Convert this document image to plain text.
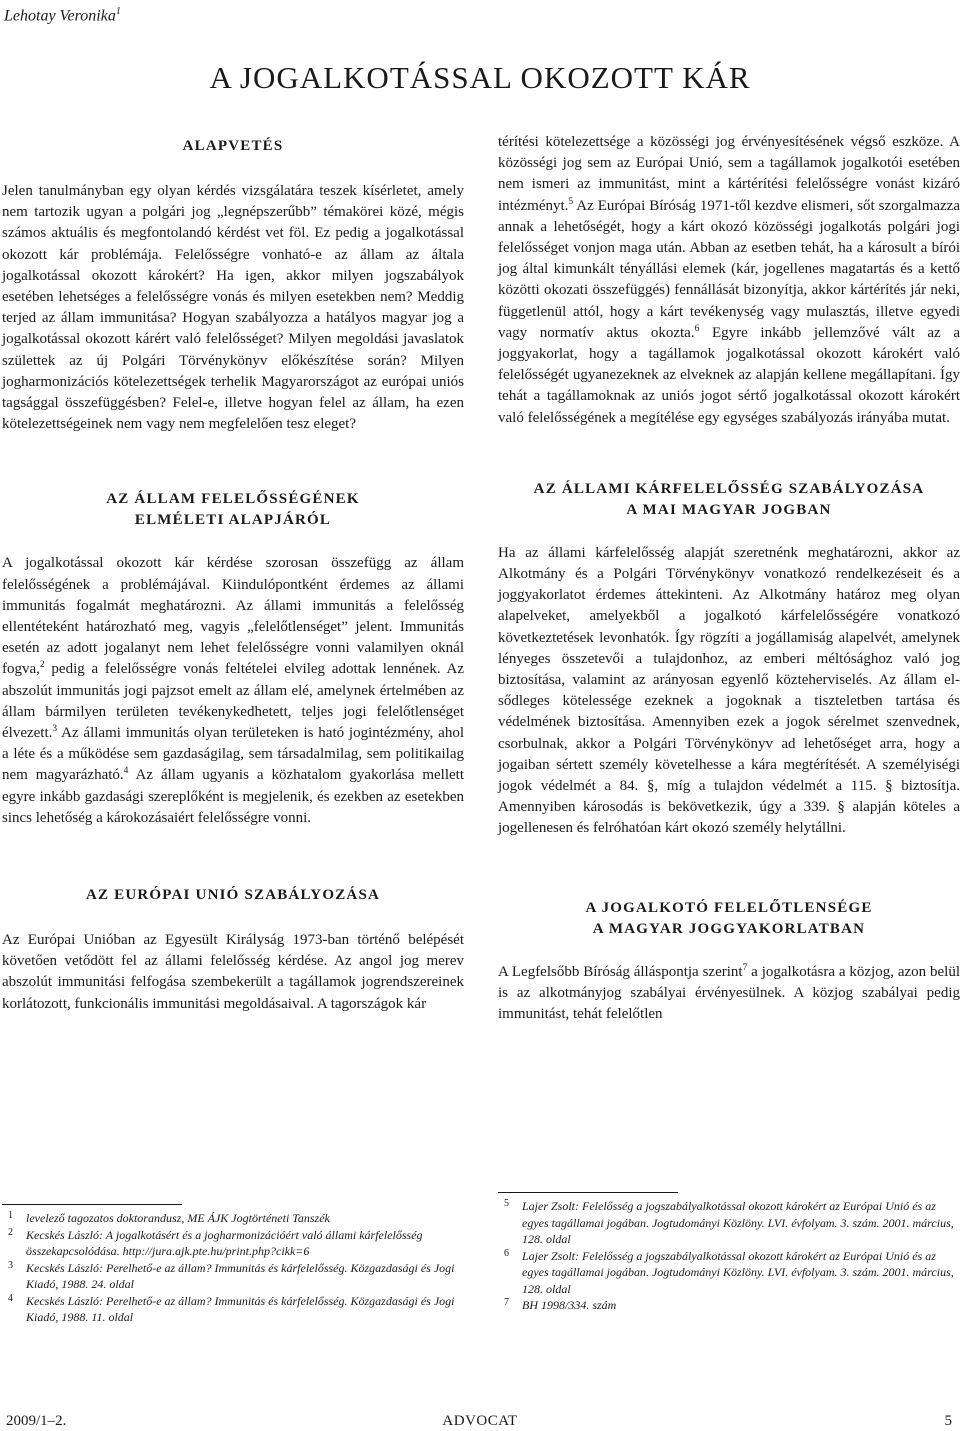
Lehotay Veronika$^1$
A JOGALKOTÁSSAL OKOZOTT KÁR
ALAPVETÉS

Jelen tanulmányban egy olyan kérdés vizsgálatára teszek kísérletet, amely nem tartozik ugyan a polgári jog „legnépszerűbb” témakörei közé, mégis számos aktuális és megfontolandó kérdést vet föl. Ez pedig a jogalkotással okozott kár problémája. Felelősségre vonható-e az állam az általa jogalkotással okozott károkért? Ha igen, akkor milyen jogszabályok esetében lehetséges a felelősségre vonás és milyen esetekben nem? Meddig terjed az állam immunitása? Hogyan szabályozza a hatályos magyar jog a jogalkotással okozott kárért való felelősséget? Milyen megoldási javaslatok születtek az új Polgári Törvénykönyv előkészítése során? Milyen jogharmonizációs kötelezettségek terhelik Magyarországot az európai uniós tagsággal összefüggésben? Felel-e, illetve hogyan felel az állam, ha ezen kötelezettségeinek nem vagy nem megfelelően tesz eleget?

AZ ÁLLAM FELELŐSSÉGÉNEK
ELMÉLETI ALAPJÁRÓL

A jogalkotással okozott kár kérdése szorosan összefügg az állam felelősségének a problémájával. Kiindulópontként érdemes az állami immunitás fogalmát meghatározni. Az állami immunitás a felelősség ellentéteként határozható meg, vagyis „felelőtlenséget” jelent. Immunitás esetén az adott jogalanyt nem lehet felelősségre vonni valamilyen oknál fogva,$^2$ pedig a felelősségre vonás feltételei elvileg adottak lennének. Az abszolút immunitás jogi pajzsot emelt az állam elé, amelynek értelmében az állam bármilyen területen tevékenykedhetett, teljes jogi felelőtlenséget élvezett.$^3$ Az állami immunitás olyan területeken is ható jogintézmény, ahol a léte és a működése sem gazdaságilag, sem társadalmilag, sem politikailag nem magyarázható.$^4$ Az állam ugyanis a közhatalom gyakorlása mellett egyre inkább gazdasági szereplőként is megjelenik, és ezekben az esetekben sincs lehetőség a károkozásaiért felelősségre vonni.

AZ EURÓPAI UNIÓ SZABÁLYOZÁSA

Az Európai Unióban az Egyesült Királyság 1973-ban történő belépését követően vetődött fel az állami felelősség kérdése. Az angol jog merev abszolút immunitási felfogása szembekerült a tagállamok jogrendszereinek korlátozott, funkcionális immunitási megoldásaival. A tagországok kár

térítési kötelezettsége a közösségi jog érvényesítésének végső eszköze. A közösségi jog sem az Európai Unió, sem a tagállamok jogalkotói esetében nem ismeri az immunitást, mint a kártérítési felelősségre vonást kizáró intézményt.$^5$ Az Európai Bíróság 1971-től kezdve elismeri, sőt szorgalmazza annak a lehetőségét, hogy a kárt okozó közösségi jogalkotás polgári jogi felelősséget vonjon maga után. Abban az esetben tehát, ha a károsult a bírói jog által kimunkált tényállási elemek (kár, jogellenes magatartás és a kettő közötti okozati összefüggés) fennállását bizonyítja, akkor kártérítés jár neki, függetlenül attól, hogy a kárt tevékenység vagy mulasztás, illetve egyedi vagy normatív aktus okozta.$^6$ Egyre inkább jellemzővé vált az a joggyakorlat, hogy a tagállamok jogalkotással okozott károkért való felelősségét ugyanezeknek az elveknek az alapján kellene megállapítani. Így tehát a tagállamoknak az uniós jogot sértő jogalkotással okozott károkért való felelősségének a megítélése egy egységes szabályozás irányába mutat.

AZ ÁLLAMI KÁRFELELŐSSÉG SZABÁLYOZÁSA
A MAI MAGYAR JOGBAN

Ha az állami kárfelelősség alapját szeretnénk meghatározni, akkor az Alkotmány és a Polgári Törvénykönyv vonatkozó rendelkezéseit és a joggyakorlatot érdemes áttekinteni. Az Alkotmány határoz meg olyan alapelveket, amelyekből a jogalkotó kárfelelősségére vonatkozó következtetések levonhatók. Így rögzíti a jogállamiság alapelvét, amelynek lényeges összetevői a tulajdonhoz, az emberi méltósághoz való jog biztosítása, valamint az arányosan egyenlő közteherviselés. Az állam elsődleges kötelessége ezeknek a jogoknak a tiszteletben tartása és védelmének biztosítása. Amennyiben ezek a jogok sérelmet szenvednek, csorbulnak, akkor a Polgári Törvénykönyv ad lehetőséget arra, hogy a jogaiban sértett személy követelhesse a kára megtérítését. A személyiségi jogok védelmét a 84. §, míg a tulajdon védelmét a 115. § biztosítja. Amennyiben károsodás is bekövetkezik, úgy a 339. § alapján köteles a jogellenesen és felróhatóan kárt okozó személy helytállni.

A JOGALKOTÓ FELELŐTLENSÉGE
A MAGYAR JOGGYAKORLATBAN

A Legfelsőbb Bíróság álláspontja szerint$^7$ a jogalkotásra a közjog, azon belül is az alkotmányjog szabályai érvényesülnek. A közjog szabályai pedig immunitást, tehát felelőtlen

1 levelező tagozatos doktorandusz, ME ÁJK Jogtörténeti Tanszék
2 Kecskés László: A jogalkotásért és a jogharmonizációért való állami kárfelelősség összekapcsolódása. http://jura.ajk.pte.hu/print.php?cikk=6
3 Kecskés László: Perelhető-e az állam? Immunitás és kárfelelősség. Közgazdasági és Jogi Kiadó, 1988. 24. oldal
4 Kecskés László: Perelhető-e az állam? Immunitás és kárfelelősség. Közgazdasági és Jogi Kiadó, 1988. 11. oldal
5 Lajer Zsolt: Felelősség a jogszabályalkotással okozott károkért az Európai Unió és az egyes tagállamai jogában. Jogtudományi Közlöny. LVI. évfolyam. 3. szám. 2001. március, 128. oldal
6 Lajer Zsolt: Felelősség a jogszabályalkotással okozott károkért az Európai Unió és az egyes tagállamai jogában. Jogtudományi Közlöny. LVI. évfolyam. 3. szám. 2001. március, 128. oldal
7 BH 1998/334. szám
2009/1–2.	ADVOCAT	5
